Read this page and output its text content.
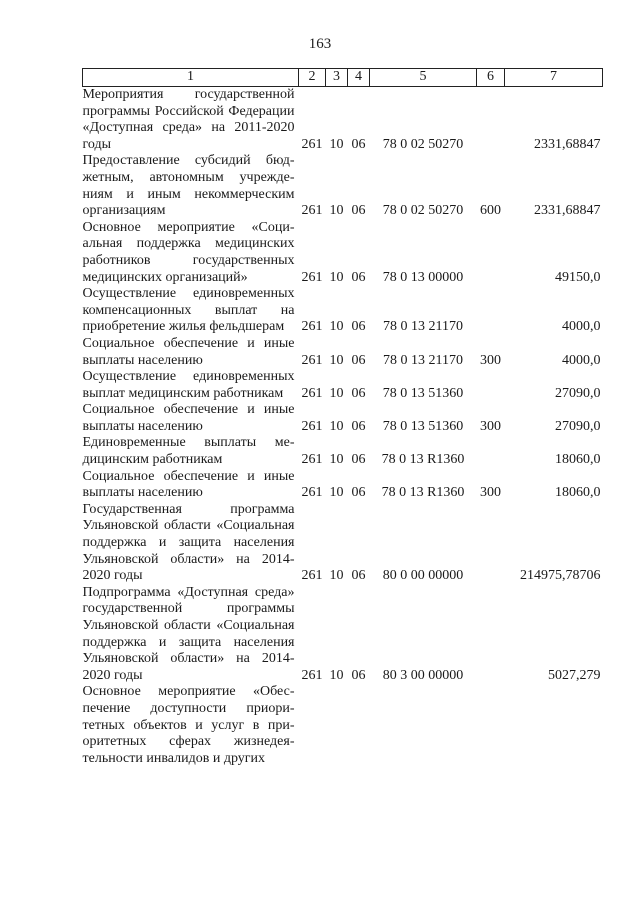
163
1	2	3	4	5	6	7
Мероприятия государственной программы Российской Федерации «Доступная среда» на 2011-2020 годы	261	10	06	78 0 02 50270		2331,68847
Предоставление субсидий бюджетным, автономным учреждениям и иным некоммерческим организациям	261	10	06	78 0 02 50270	600	2331,68847
Основное мероприятие «Социальная поддержка медицинских работников государственных медицинских организаций»	261	10	06	78 0 13 00000		49150,0
Осуществление единовременных компенсационных выплат на приобретение жилья фельдшерам	261	10	06	78 0 13 21170		4000,0
Социальное обеспечение и иные выплаты населению	261	10	06	78 0 13 21170	300	4000,0
Осуществление единовременных выплат медицинским работникам	261	10	06	78 0 13 51360		27090,0
Социальное обеспечение и иные выплаты населению	261	10	06	78 0 13 51360	300	27090,0
Единовременные выплаты медицинским работникам	261	10	06	78 0 13 R1360		18060,0
Социальное обеспечение и иные выплаты населению	261	10	06	78 0 13 R1360	300	18060,0
Государственная программа Ульяновской области «Социальная поддержка и защита населения Ульяновской области» на 2014-2020 годы	261	10	06	80 0 00 00000		214975,78706
Подпрограмма «Доступная среда» государственной программы Ульяновской области «Социальная поддержка и защита населения Ульяновской области» на 2014-2020 годы	261	10	06	80 3 00 00000		5027,279
Основное мероприятие «Обеспечение доступности приоритетных объектов и услуг в приоритетных сферах жизнедеятельности инвалидов и других						
